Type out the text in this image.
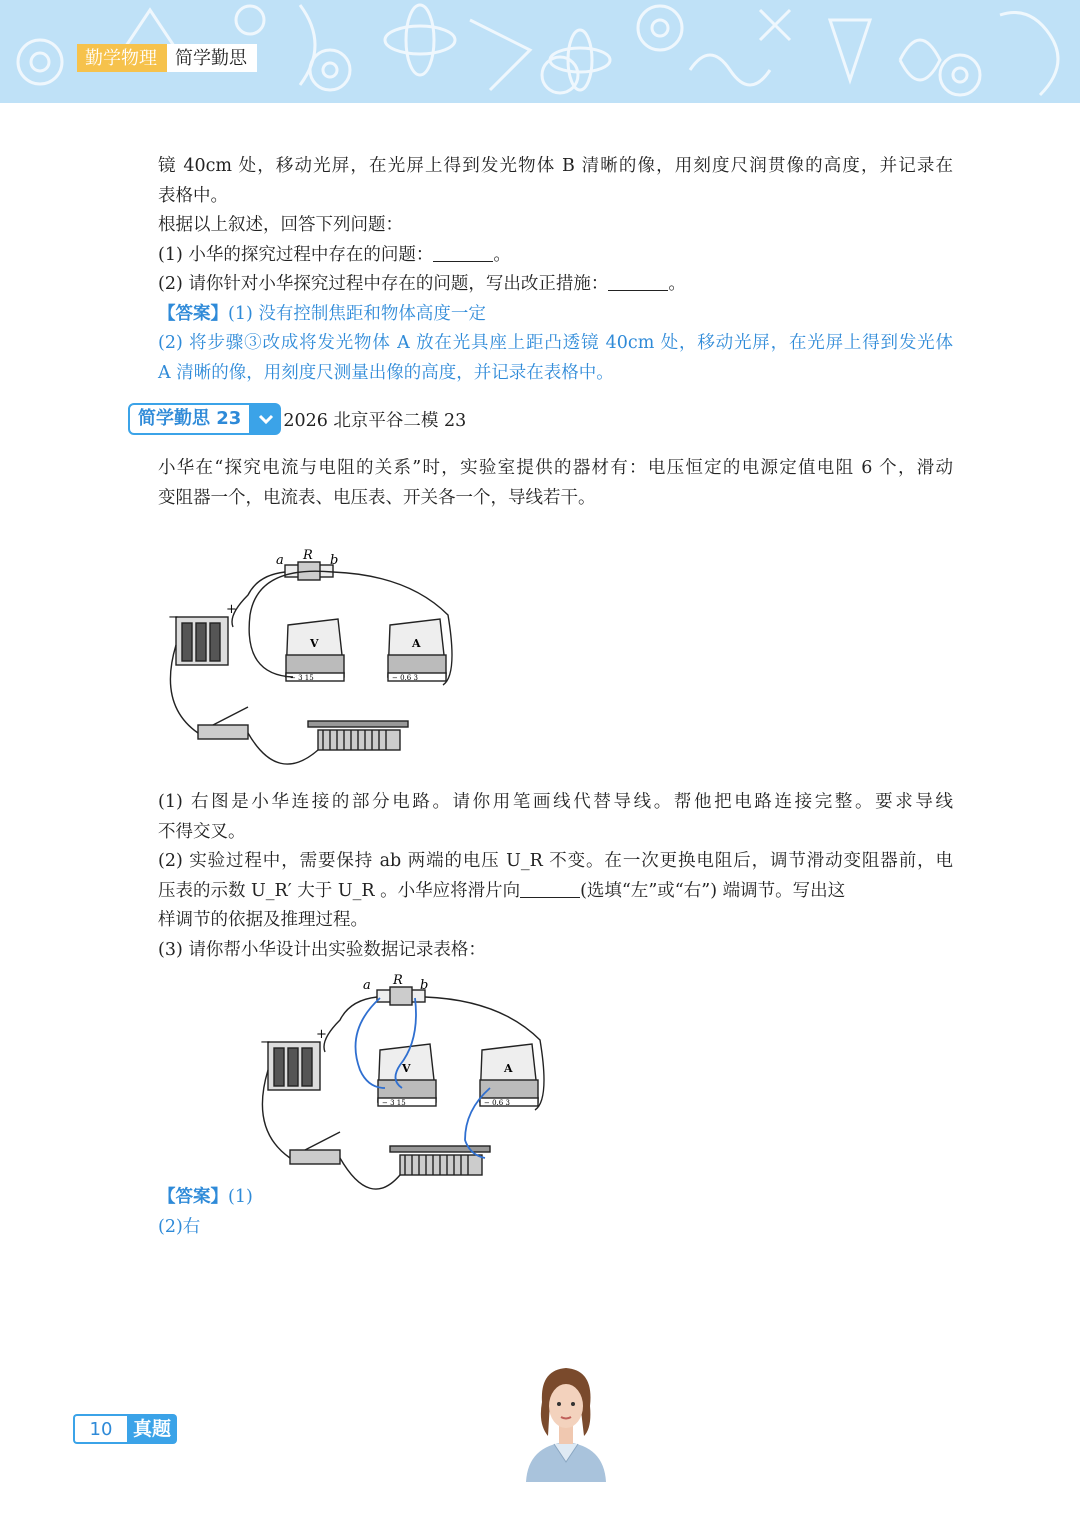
勤学物理	简学勤思
镜 40cm 处，移动光屏，在光屏上得到发光物体 B 清晰的像，用刻度尺润贯像的高度，并记录在
表格中。
根据以上叙述，回答下列问题：
(1) 小华的探究过程中存在的问题：	。
(2) 请你针对小华探究过程中存在的问题，写出改正措施：	。
【答案】(1) 没有控制焦距和物体高度一定
(2) 将步骤③改成将发光物体 A 放在光具座上距凸透镜 40cm 处，移动光屏，在光屏上得到发光体
A 清晰的像，用刻度尺测量出像的高度，并记录在表格中。
简学勤思 23	2026 北京平谷二模 23
小华在“探究电流与电阻的关系”时，实验室提供的器材有：电压恒定的电源定值电阻 6 个，滑动
变阻器一个，电流表、电压表、开关各一个，导线若干。
a R b
+
−
V	A
− 3 15	− 0.6 3
(1) 右图是小华连接的部分电路。请你用笔画线代替导线。帮他把电路连接完整。要求导线
不得交叉。
(2) 实验过程中，需要保持 ab 两端的电压 U_R 不变。在一次更换电阻后，调节滑动变阻器前，电
压表的示数 U_R′ 大于 U_R 。小华应将滑片向	(选填“左”或“右”) 端调节。写出这
样调节的依据及推理过程。
(3) 请你帮小华设计出实验数据记录表格：
a R b
+
−
V	A
− 3 15	− 0.6 3
【答案】(1)
(2)右
10	真题
